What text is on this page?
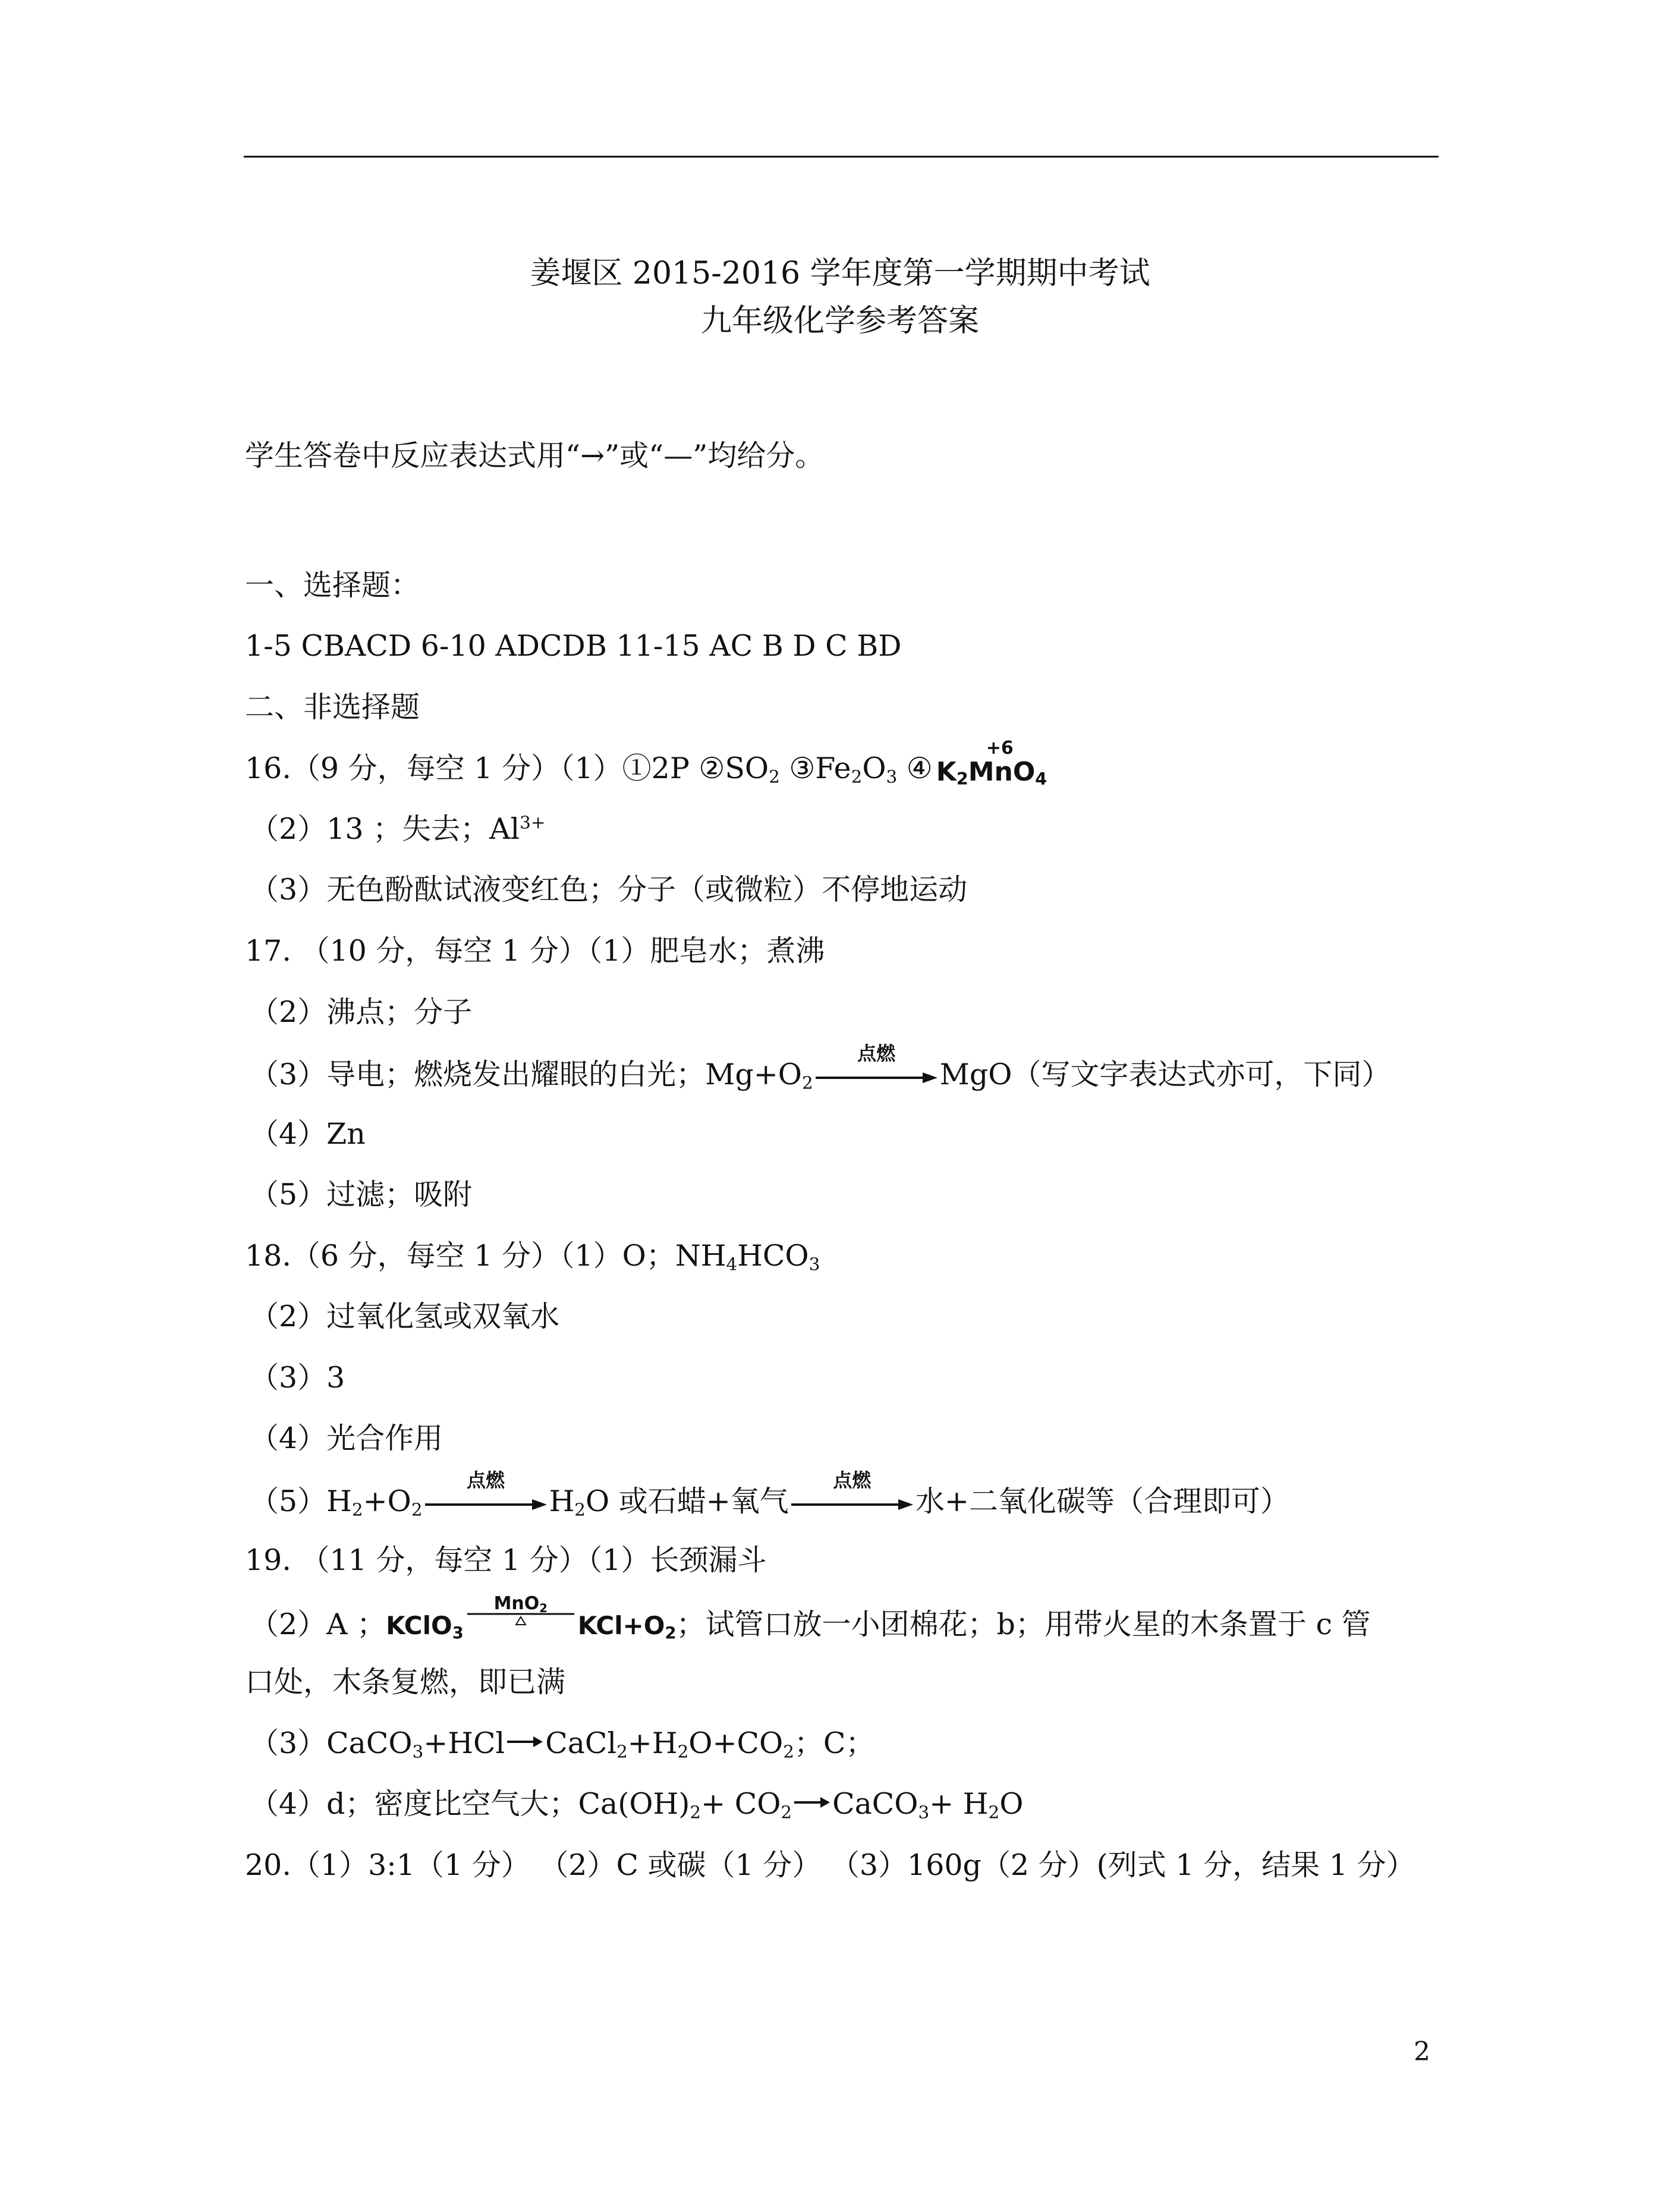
姜堰区 2015-2016 学年度第一学期期中考试
九年级化学参考答案
学生答卷中反应表达式用“→”或“—”均给分。
一、选择题：
1-5 CBACD 6-10 ADCDB 11-15 AC B D C BD
二、非选择题
16.（9 分，每空 1 分）（1）①2P $②SO_2$ $③Fe_2O_3$ ④
+6
$K_2MnO_4$
（2）13 ；失去；$Al^{3+}$
（3）无色酚酞试液变红色；分子（或微粒）不停地运动
17. （10 分，每空 1 分）（1）肥皂水；煮沸
（2）沸点；分子
（3）导电；燃烧发出耀眼的白光；$Mg+O_2$
点燃
MgO（写文字表达式亦可，下同）
（4）Zn
（5）过滤；吸附
18.（6 分，每空 1 分）（1）O；$NH_4HCO_3$
（2）过氧化氢或双氧水
（3）3
（4）光合作用
$(5)H_2+O_2$
点燃
$H_2O$ 或石蜡+氧气
点燃
水+二氧化碳等（合理即可）
19. （11 分，每空 1 分）（1）长颈漏斗
（2）A ；KClO$_3$
MnO$_2$
$KCl+O_2$；试管口放一小团棉花；b；用带火星的木条置于 c 管
口处，木条复燃，即已满
（3）CaCO$_3$+HCl → $CaCl_2+H_2O+CO_2$；C；
（4）d；密度比空气大；$Ca(OH)_2+ CO_2$ → CaCO$_3$+ $H_2O$
20.（1）3:1（1 分） （2）C 或碳（1 分） （3）160g（2 分）(列式 1 分，结果 1 分）
2
